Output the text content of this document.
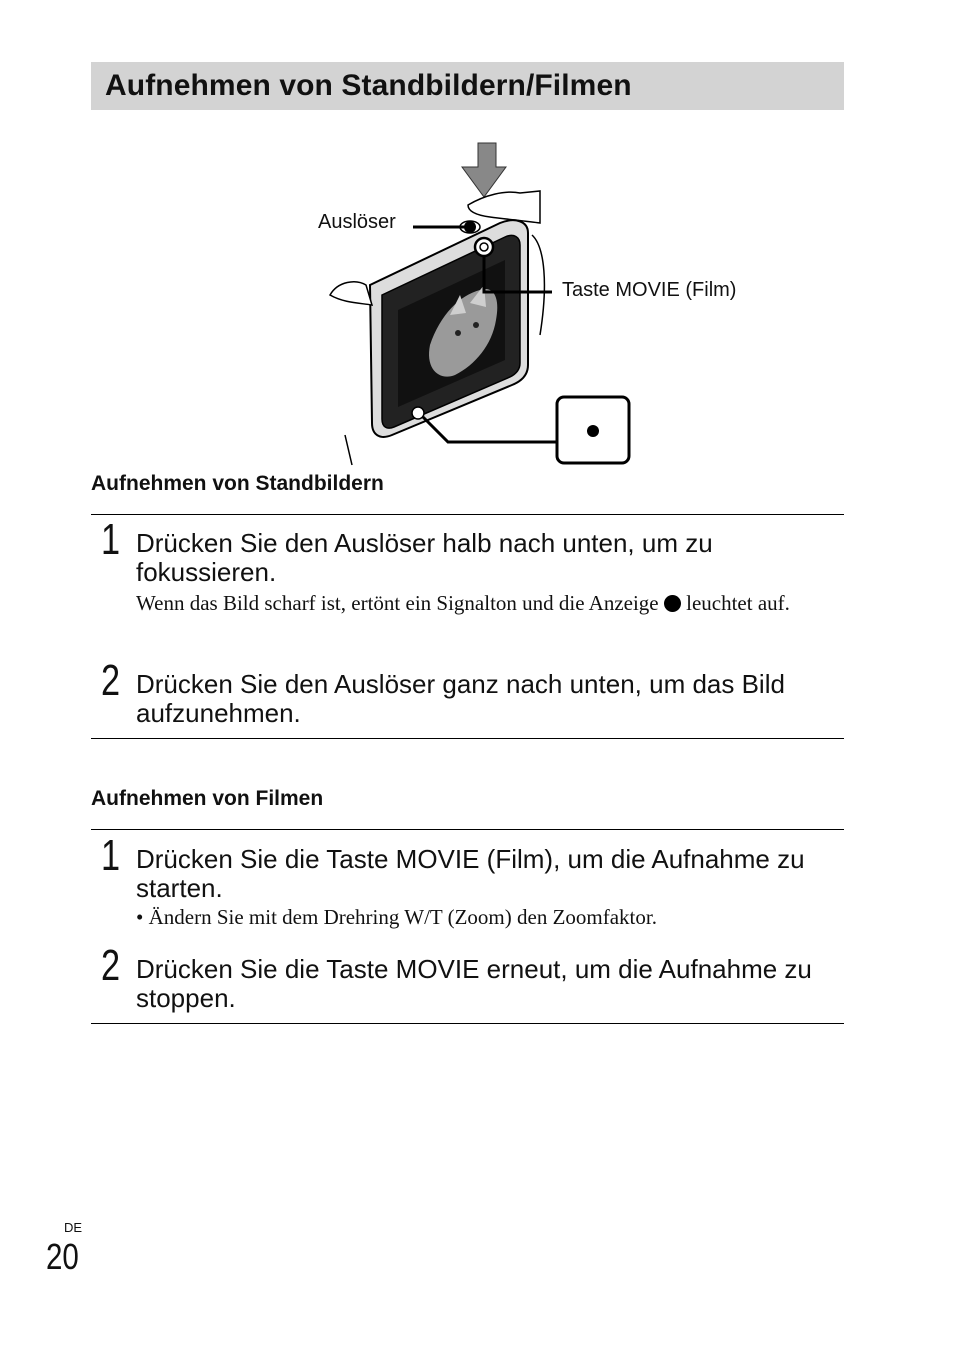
Aufnehmen von Standbildern/Filmen
Auslöser
Taste MOVIE (Film)
Aufnehmen von Standbildern
1 Drücken Sie den Auslöser halb nach unten, um zu fokussieren.
Wenn das Bild scharf ist, ertönt ein Signalton und die Anzeige leuchtet auf.
2 Drücken Sie den Auslöser ganz nach unten, um das Bild aufzunehmen.
Aufnehmen von Filmen
1 Drücken Sie die Taste MOVIE (Film), um die Aufnahme zu starten.
• Ändern Sie mit dem Drehring W/T (Zoom) den Zoomfaktor.
2 Drücken Sie die Taste MOVIE erneut, um die Aufnahme zu stoppen.
DE
20
